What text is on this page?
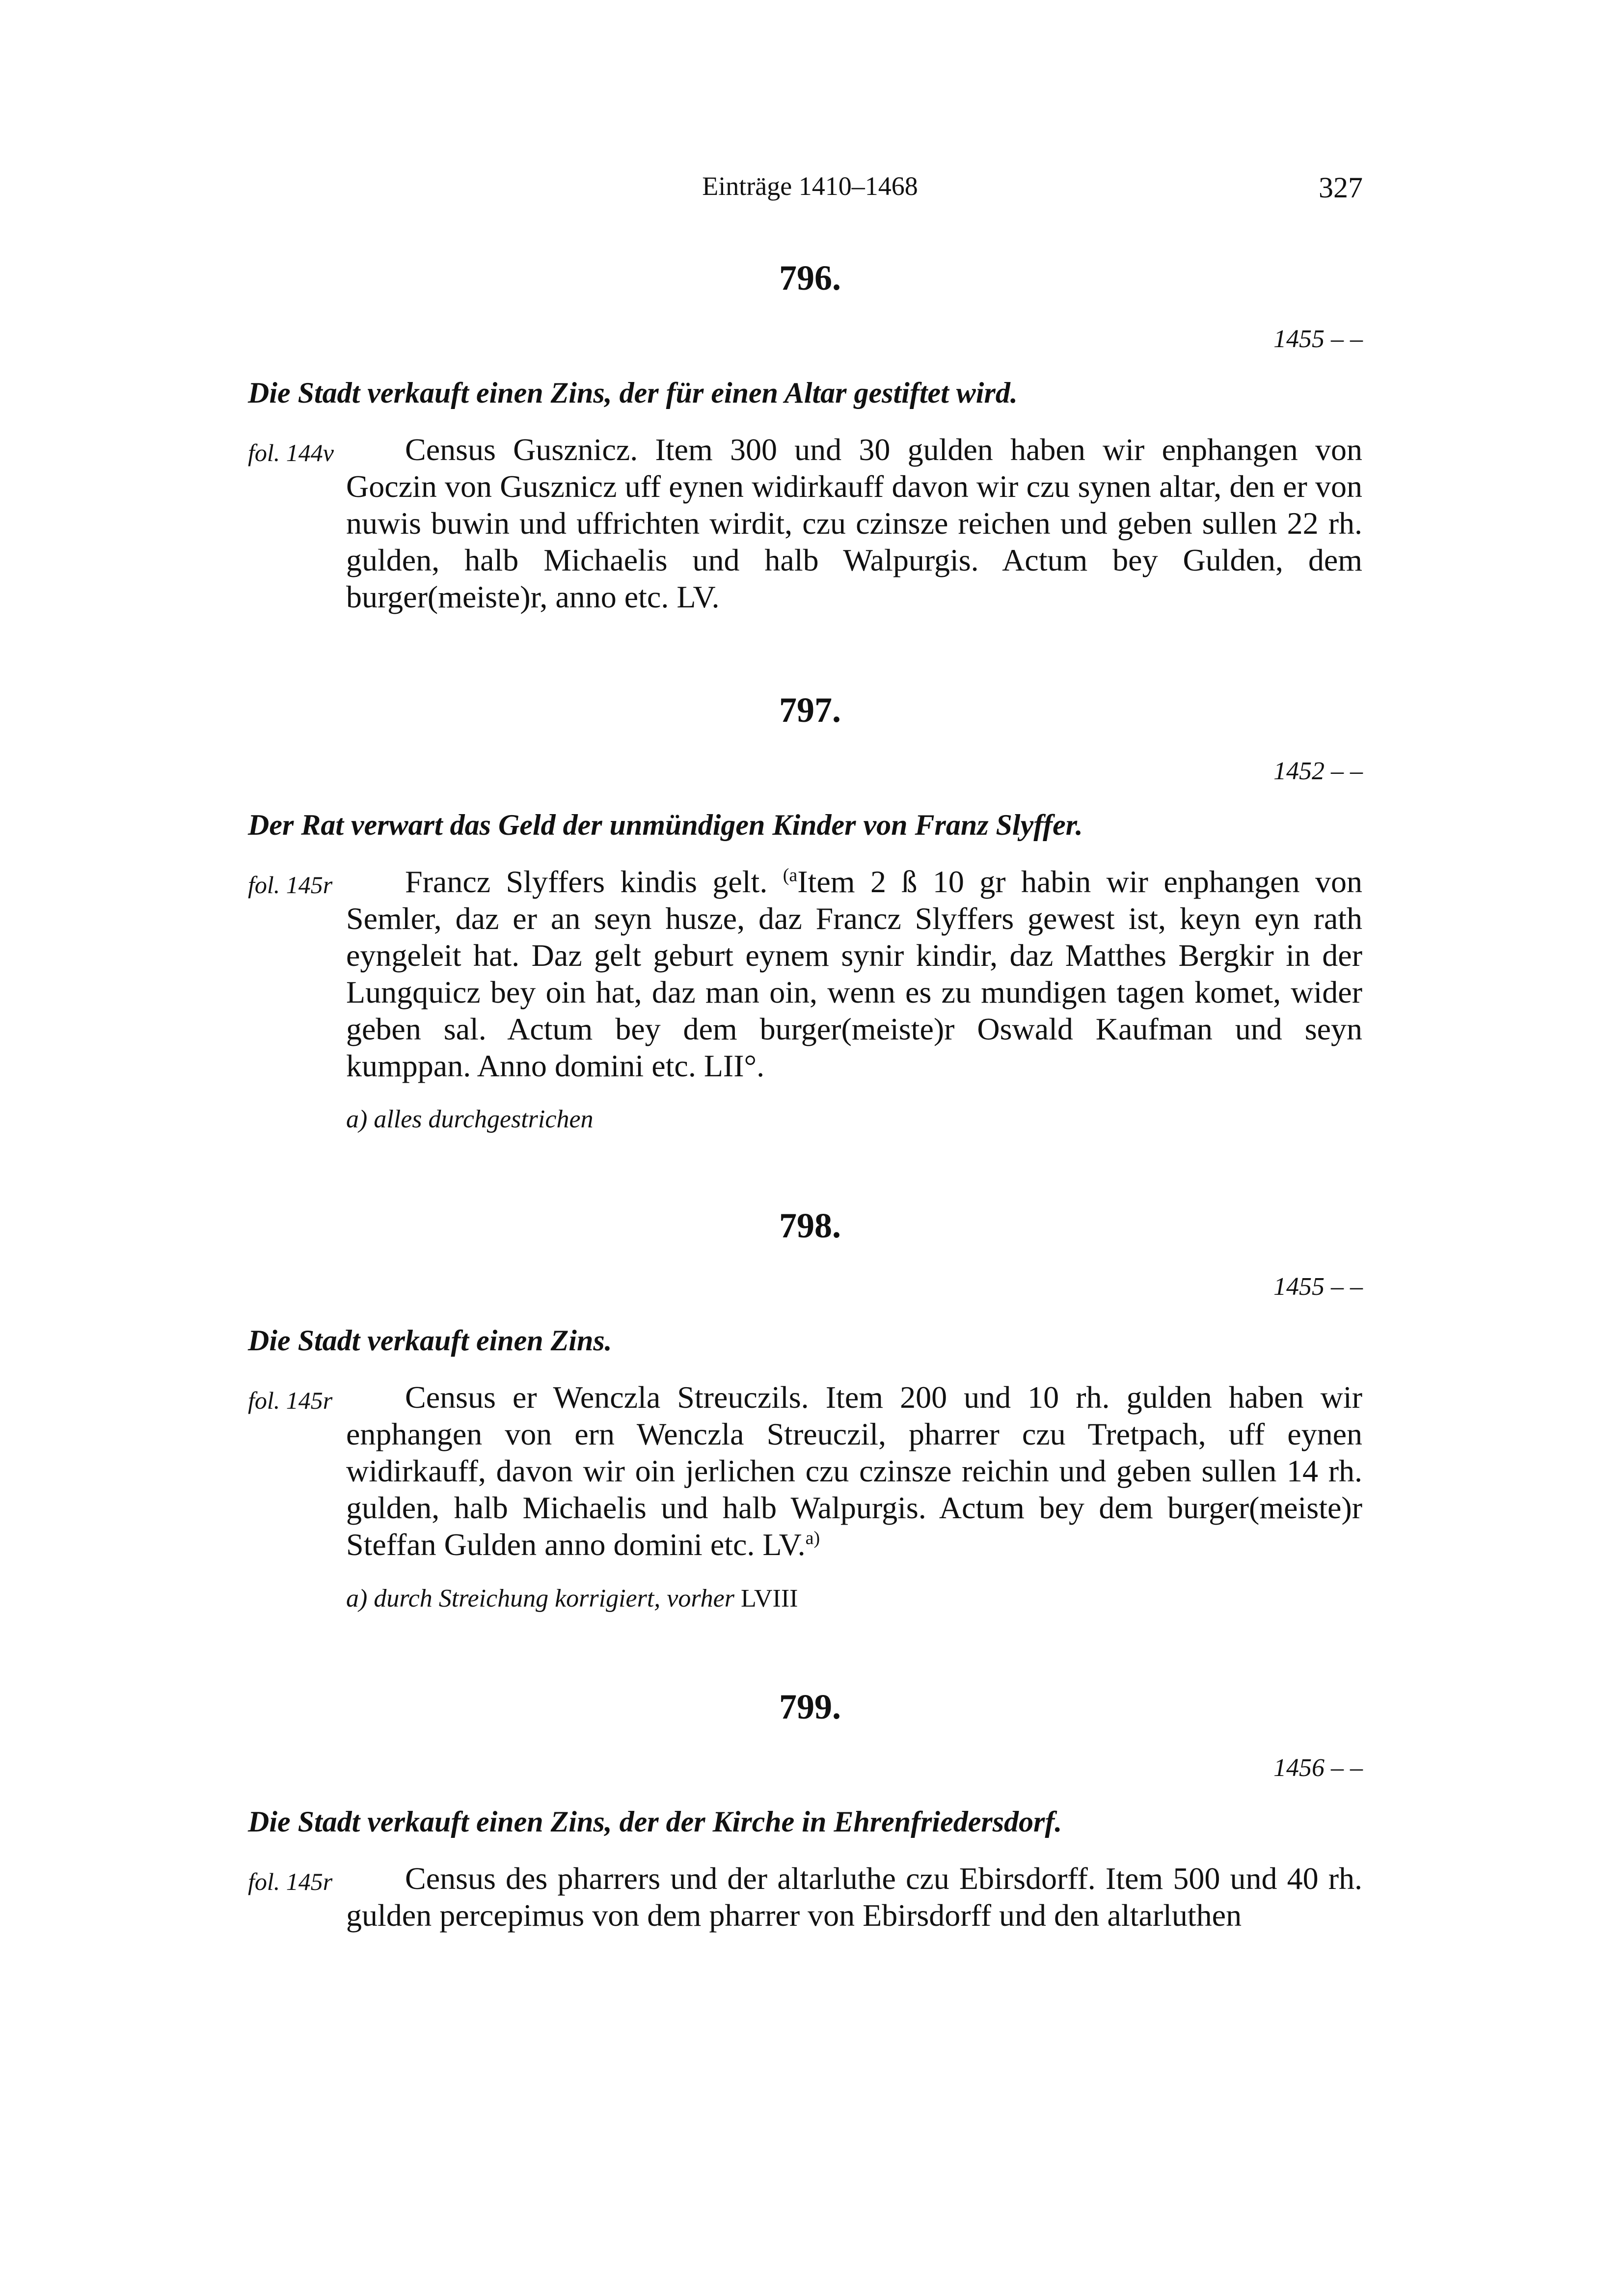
Einträge 1410–1468	327
796.
1455 – –
Die Stadt verkauft einen Zins, der für einen Altar gestiftet wird.
fol. 144v	Census Gusznicz. Item 300 und 30 gulden haben wir enphangen von Goczin von Gusznicz uff eynen widirkauff davon wir czu synen altar, den er von nuwis buwin und uffrichten wirdit, czu czinsze reichen und geben sullen 22 rh. gulden, halb Michaelis und halb Walpurgis. Actum bey Gulden, dem burger(meiste)r, anno etc. LV.
797.
1452 – –
Der Rat verwart das Geld der unmündigen Kinder von Franz Slyffer.
fol. 145r	Francz Slyffers kindis gelt. $^{(a}$Item 2 ß 10 gr habin wir enphangen von Semler, daz er an seyn husze, daz Francz Slyffers gewest ist, keyn eyn rath eyngeleit hat. Daz gelt geburt eynem synir kindir, daz Matthes Bergkir in der Lungquicz bey oin hat, daz man oin, wenn es zu mundigen tagen komet, wider geben sal. Actum bey dem burger(meiste)r Oswald Kaufman und seyn kumppan. Anno domini etc. LII°.
a) alles durchgestrichen
798.
1455 – –
Die Stadt verkauft einen Zins.
fol. 145r	Census er Wenczla Streuczils. Item 200 und 10 rh. gulden haben wir enphangen von ern Wenczla Streuczil, pharrer czu Tretpach, uff eynen widirkauff, davon wir oin jerlichen czu czinsze reichin und geben sullen 14 rh. gulden, halb Michaelis und halb Walpurgis. Actum bey dem burger(meiste)r Steffan Gulden anno domini etc. LV.$^{a)}$
a) durch Streichung korrigiert, vorher LVIII
799.
1456 – –
Die Stadt verkauft einen Zins, der der Kirche in Ehrenfriedersdorf.
fol. 145r	Census des pharrers und der altarluthe czu Ebirsdorff. Item 500 und 40 rh. gulden percepimus von dem pharrer von Ebirsdorff und den altarluthen
